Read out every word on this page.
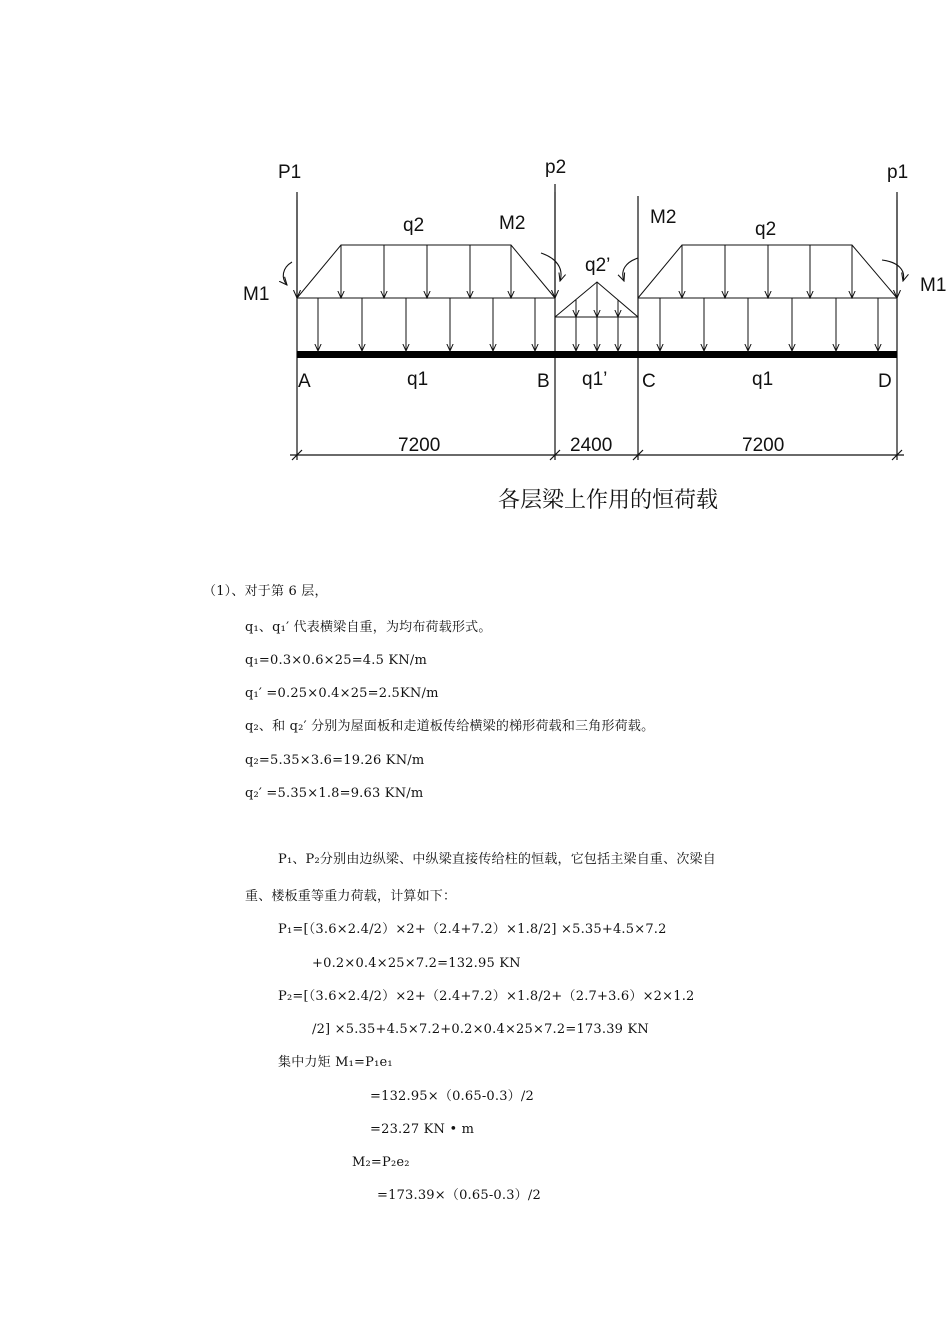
P1	p2	p1
q2	M2	M2
q2
q2’
M1	M1
A	q1	B q1’ C	q1	D
7200	2400	7200
各层梁上作用的恒荷载
（1）、对于第 6 层，
q₁、q₁′ 代表横梁自重，为均布荷载形式。
q₁=0.3×0.6×25=4.5 KN/m
q₁′ =0.25×0.4×25=2.5KN/m
q₂、和 q₂′ 分别为屋面板和走道板传给横梁的梯形荷载和三角形荷载。
q₂=5.35×3.6=19.26 KN/m
q₂′ =5.35×1.8=9.63 KN/m
P₁、P₂分别由边纵梁、中纵梁直接传给柱的恒载，它包括主梁自重、次梁自
重、楼板重等重力荷载，计算如下：
P₁=[（3.6×2.4/2）×2+（2.4+7.2）×1.8/2] ×5.35+4.5×7.2
+0.2×0.4×25×7.2=132.95 KN
P₂=[（3.6×2.4/2）×2+（2.4+7.2）×1.8/2+（2.7+3.6）×2×1.2
/2] ×5.35+4.5×7.2+0.2×0.4×25×7.2=173.39 KN
集中力矩 M₁=P₁e₁
=132.95×（0.65-0.3）/2
=23.27 KN • m
M₂=P₂e₂
=173.39×（0.65-0.3）/2
